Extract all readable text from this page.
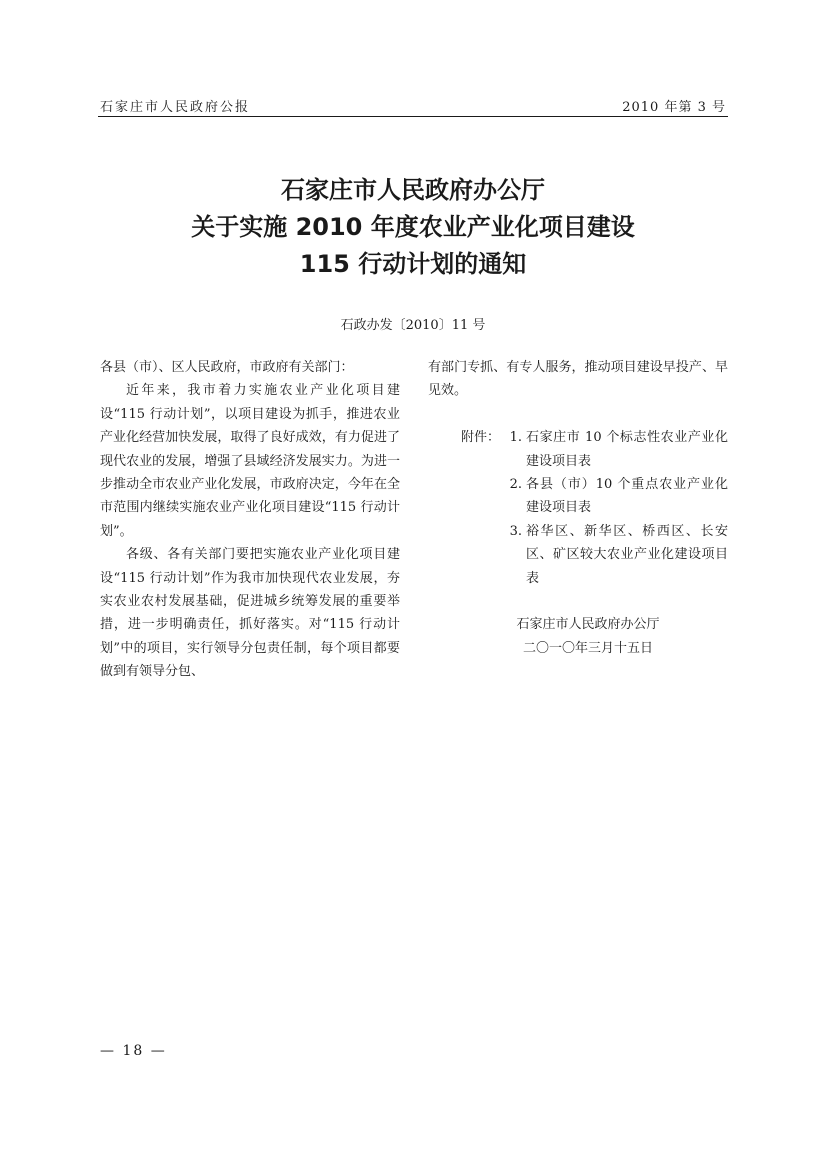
石家庄市人民政府公报	2010 年第 3 号
石家庄市人民政府办公厅
关于实施 2010 年度农业产业化项目建设
115 行动计划的通知
石政办发〔2010〕11 号

各县（市）、区人民政府，市政府有关部门：

近年来，我市着力实施农业产业化项目建设“115 行动计划”，以项目建设为抓手，推进农业产业化经营加快发展，取得了良好成效，有力促进了现代农业的发展，增强了县域经济发展实力。为进一步推动全市农业产业化发展，市政府决定，今年在全市范围内继续实施农业产业化项目建设“115 行动计划”。

各级、各有关部门要把实施农业产业化项目建设“115 行动计划”作为我市加快现代农业发展，夯实农业农村发展基础，促进城乡统筹发展的重要举措，进一步明确责任，抓好落实。对“115 行动计划”中的项目，实行领导分包责任制，每个项目都要做到有领导分包、

有部门专抓、有专人服务，推动项目建设早投产、早见效。

附件： 1. 石家庄市 10 个标志性农业产业化建设项目表
2. 各县（市）10 个重点农业产业化建设项目表
3. 裕华区、新华区、桥西区、长安区、矿区较大农业产业化建设项目表
石家庄市人民政府办公厅
二〇一〇年三月十五日
— 18 —
